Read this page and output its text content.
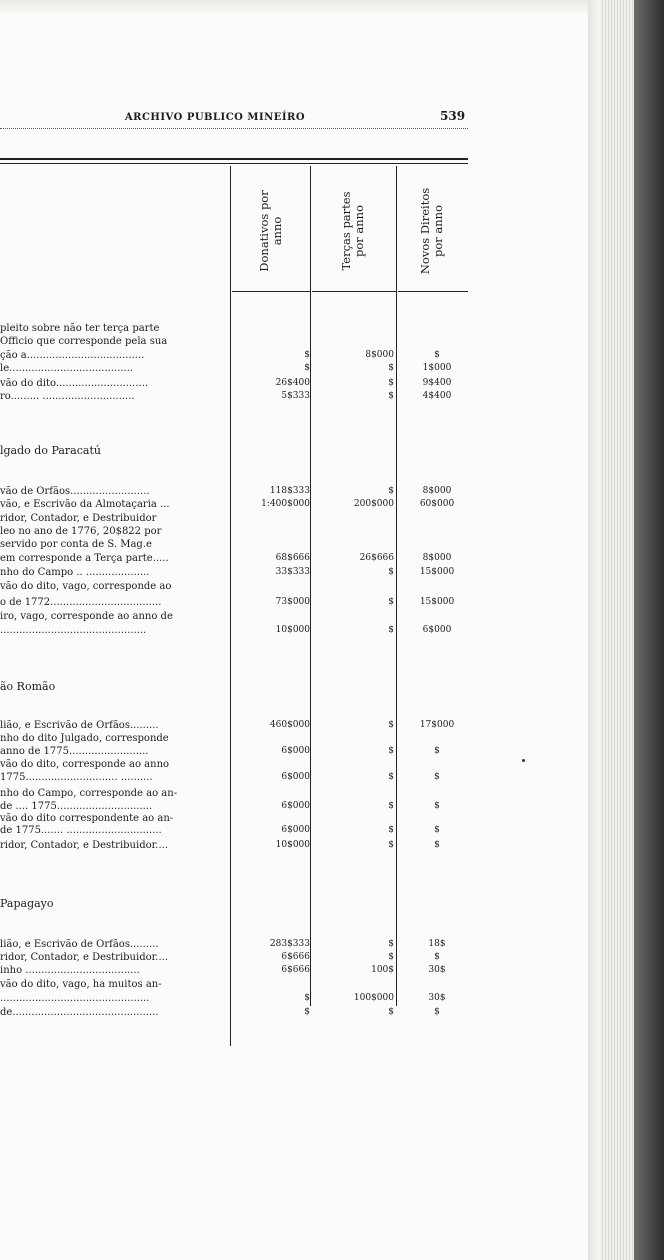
ARCHIVO PUBLICO MINEÍRO	539
Donativos por anno	Terças partes por anno	Novos Direitos por anno
pleito sobre não ter terça parte
Officio que corresponde pela sua
ção a.....................................	$	8$000	$
le.......................................	$	$	1$000
vão do dito.............................	26$400	$	9$400
ro......... .............................	5$333	$	4$400
lgado do Paracatú
vão de Orfãos.........................	118$333	$	8$000
vão, e Escrivão da Almotaçaria ...	1:400$000	200$000	60$000
ridor, Contador, e Destribuidor
leo no ano de 1776, 20$822 por
servido por conta de S. Mag.e
em corresponde a Terça parte.....	68$666	26$666	8$000
nho do Campo .. ....................	33$333	$	15$000
vão do dito, vago, corresponde ao
o de 1772...................................	73$000	$	15$000
iro, vago, corresponde ao anno de
..............................................	10$000	$	6$000
ão Romão
lião, e Escrivão de Orfãos.........	460$000	$	17$000
nho do dito Julgado, corresponde
anno de 1775.........................	6$000	$	$
vão do dito, corresponde ao anno
1775............................. ..........	6$000	$	$
nho do Campo, corresponde ao an-
de .... 1775..............................	6$000	$	$
vão do dito correspondente ao an-
de 1775....... ..............................	6$000	$	$
ridor, Contador, e Destribuidor....	10$000	$	$
Papagayo
lião, e Escrivão de Orfãos.........	283$333	$	18$
ridor, Contador, e Destribuidor....	6$666	$	$
inho ....................................	6$666	100$	30$
vão do dito, vago, ha muitos an-
...............................................	$	100$000	30$
de..............................................	$	$	$
